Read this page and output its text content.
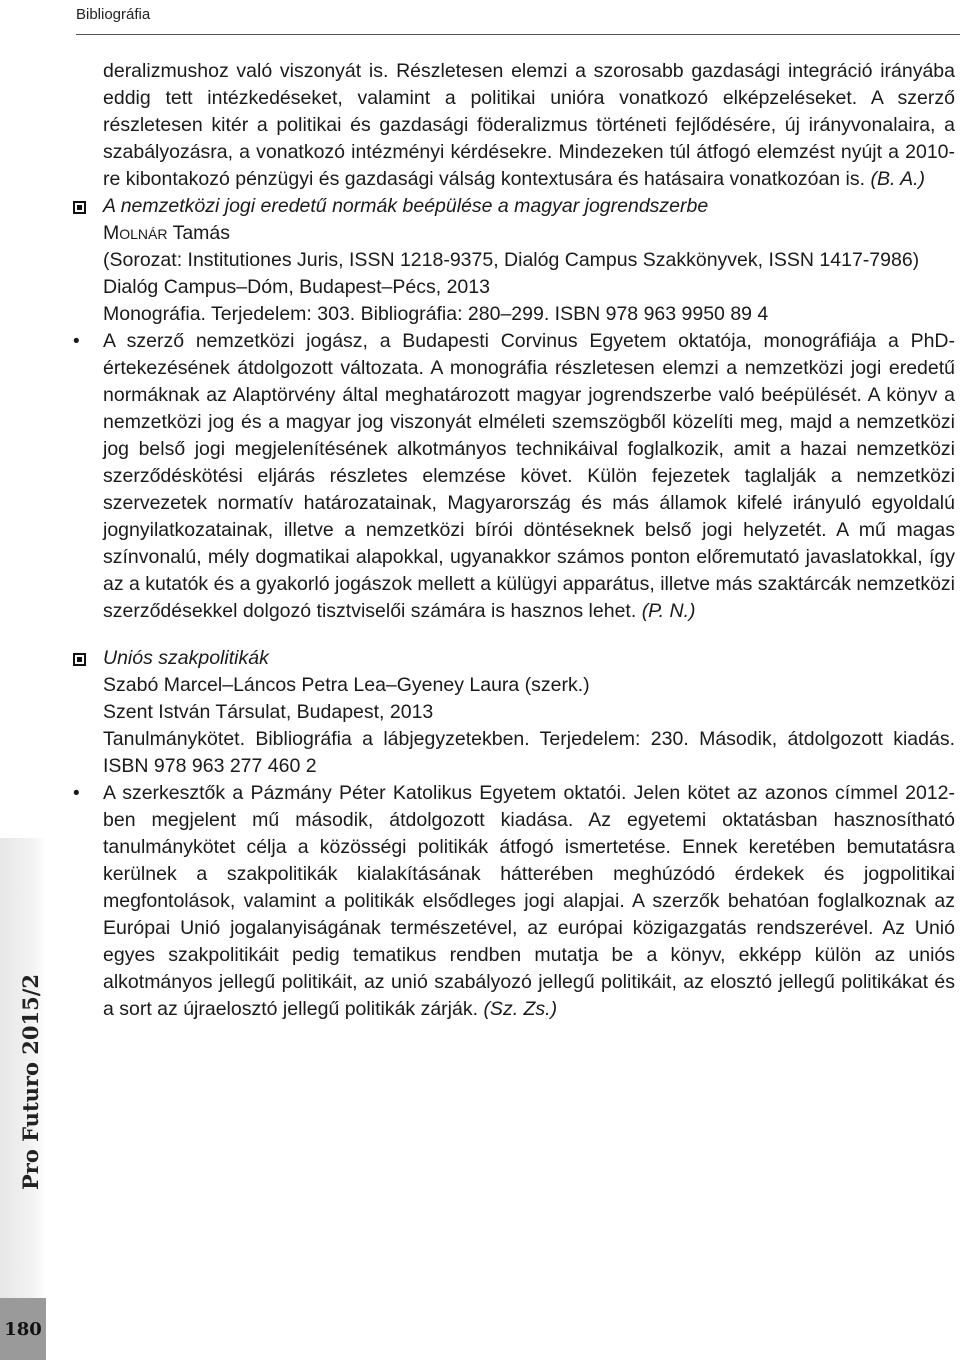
Bibliográfia

deralizmushoz való viszonyát is. Részletesen elemzi a szorosabb gazdasági integráció irányába eddig tett intézkedéseket, valamint a politikai unióra vonatkozó elképzeléseket. A szerző részletesen kitér a politikai és gazdasági föderalizmus történeti fejlődésére, új irányvonalaira, a szabályozásra, a vonatkozó intézményi kérdésekre. Mindezeken túl átfogó elemzést nyújt a 2010-re kibontakozó pénzügyi és gazdasági válság kontextusára és hatásaira vonatkozóan is. (B. A.)

A nemzetközi jogi eredetű normák beépülése a magyar jogrendszerbe

Molnár Tamás

(Sorozat: Institutiones Juris, ISSN 1218-9375, Dialóg Campus Szakkönyvek, ISSN 1417-7986)

Dialóg Campus–Dóm, Budapest–Pécs, 2013

Monográfia. Terjedelem: 303. Bibliográfia: 280–299. ISBN 978 963 9950 89 4

• A szerző nemzetközi jogász, a Budapesti Corvinus Egyetem oktatója, monográfiája a PhD-értekezésének átdolgozott változata. A monográfia részletesen elemzi a nemzetközi jogi eredetű normáknak az Alaptörvény által meghatározott magyar jogrendszerbe való beépülését. A könyv a nemzetközi jog és a magyar jog viszonyát elméleti szemszögből közelíti meg, majd a nemzetközi jog belső jogi megjelenítésének alkotmányos technikáival foglalkozik, amit a hazai nemzetközi szerződéskötési eljárás részletes elemzése követ. Külön fejezetek taglalják a nemzetközi szervezetek normatív határozatainak, Magyarország és más államok kifelé irányuló egyoldalú jognyilatkozatainak, illetve a nemzetközi bírói döntéseknek belső jogi helyzetét. A mű magas színvonalú, mély dogmatikai alapokkal, ugyanakkor számos ponton előremutató javaslatokkal, így az a kutatók és a gyakorló jogászok mellett a külügyi apparátus, illetve más szaktárcák nemzetközi szerződésekkel dolgozó tisztviselői számára is hasznos lehet. (P. N.)

Uniós szakpolitikák

Szabó Marcel–Láncos Petra Lea–Gyeney Laura (szerk.)

Szent István Társulat, Budapest, 2013

Tanulmánykötet. Bibliográfia a lábjegyzetekben. Terjedelem: 230. Második, átdolgozott kiadás. ISBN 978 963 277 460 2

• A szerkesztők a Pázmány Péter Katolikus Egyetem oktatói. Jelen kötet az azonos címmel 2012-ben megjelent mű második, átdolgozott kiadása. Az egyetemi oktatásban hasznosítható tanulmánykötet célja a közösségi politikák átfogó ismertetése. Ennek keretében bemutatásra kerülnek a szakpolitikák kialakításának hátterében meghúzódó érdekek és jogpolitikai megfontolások, valamint a politikák elsődleges jogi alapjai. A szerzők behatóan foglalkoznak az Európai Unió jogalanyiságának természetével, az európai közigazgatás rendszerével. Az Unió egyes szakpolitikáit pedig tematikus rendben mutatja be a könyv, ekképp külön az uniós alkotmányos jellegű politikáit, az unió szabályozó jellegű politikáit, az elosztó jellegű politikákat és a sort az újraelosztó jellegű politikák zárják. (Sz. Zs.)

Pro Futuro 2015/2
180
